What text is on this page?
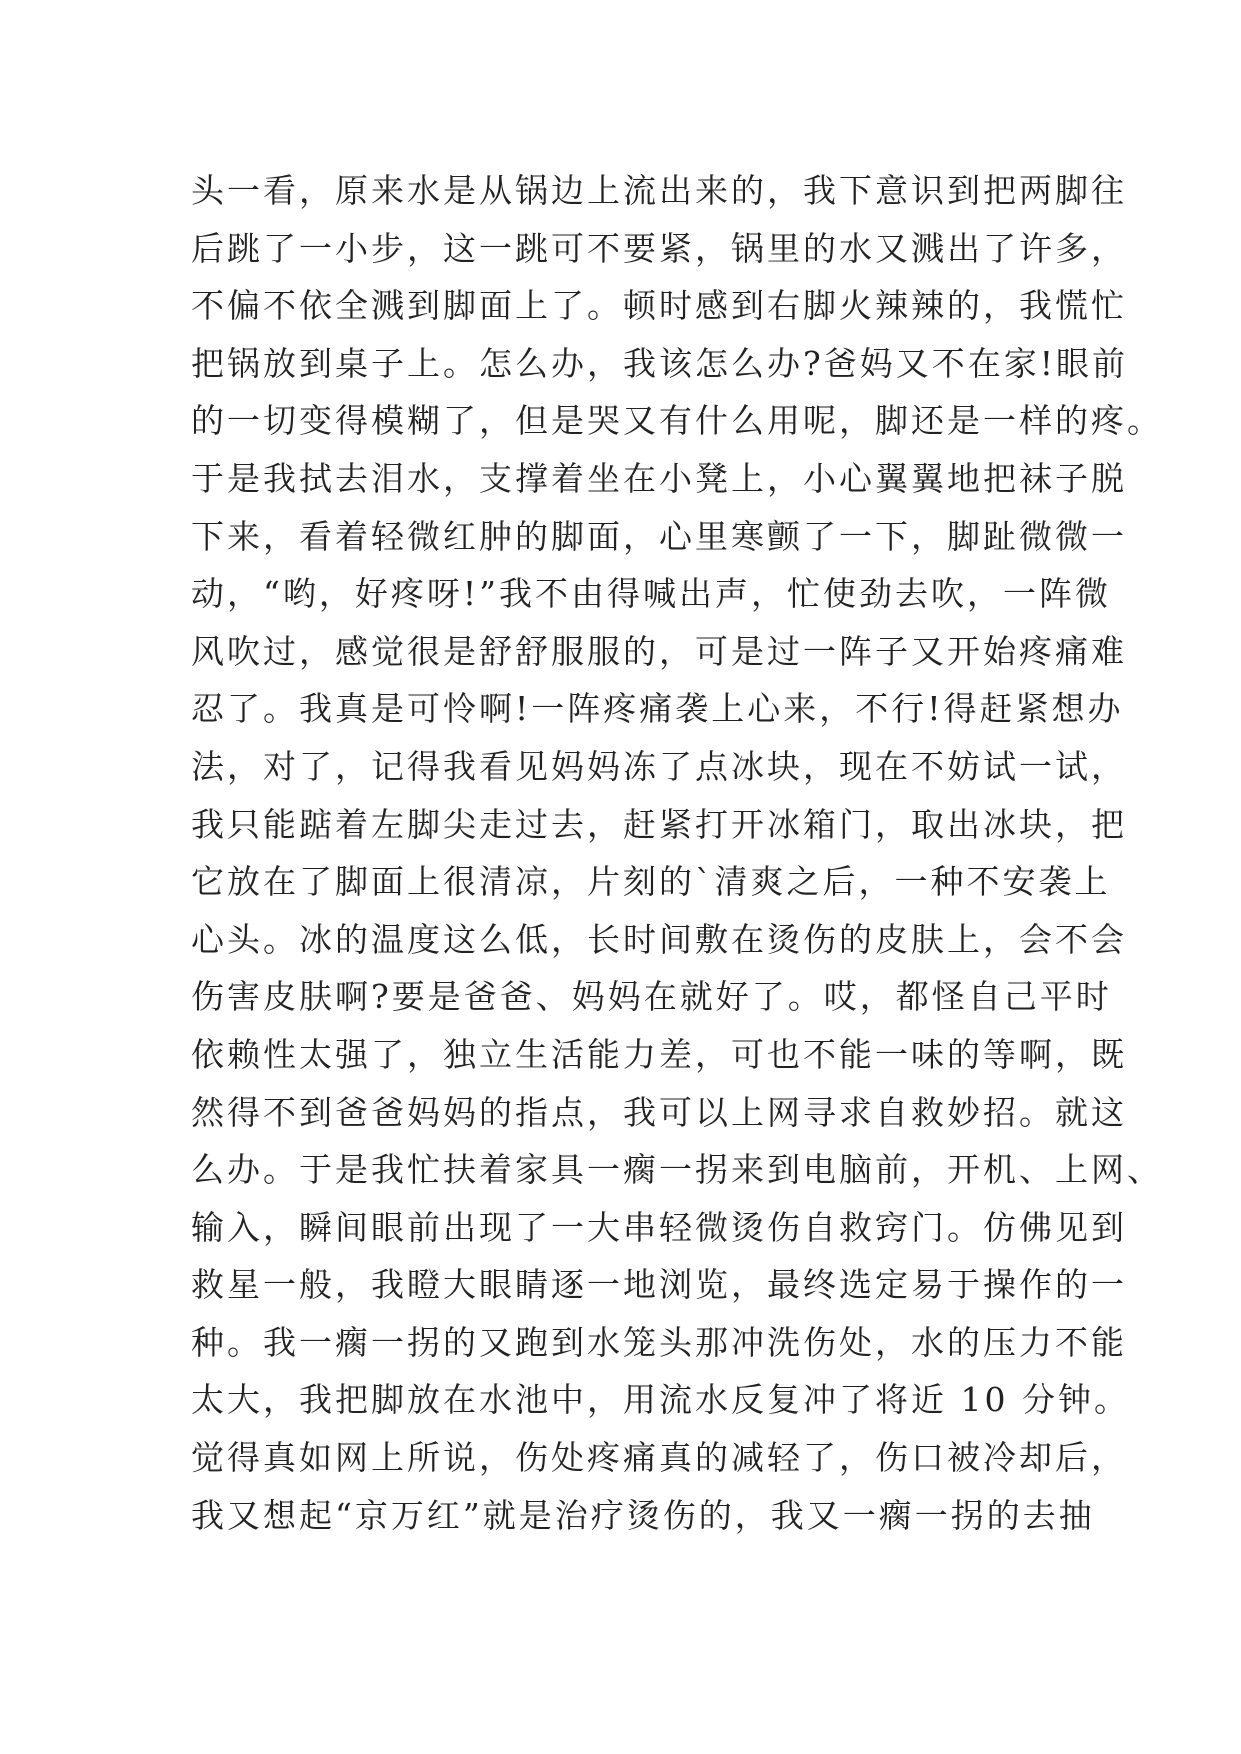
头一看，原来水是从锅边上流出来的，我下意识到把两脚往
后跳了一小步，这一跳可不要紧，锅里的水又溅出了许多，
不偏不依全溅到脚面上了。顿时感到右脚火辣辣的，我慌忙
把锅放到桌子上。怎么办，我该怎么办?爸妈又不在家!眼前
的一切变得模糊了，但是哭又有什么用呢，脚还是一样的疼。
于是我拭去泪水，支撑着坐在小凳上，小心翼翼地把袜子脱
下来，看着轻微红肿的脚面，心里寒颤了一下，脚趾微微一
动，“哟，好疼呀!”我不由得喊出声，忙使劲去吹，一阵微
风吹过，感觉很是舒舒服服的，可是过一阵子又开始疼痛难
忍了。我真是可怜啊!一阵疼痛袭上心来，不行!得赶紧想办
法，对了，记得我看见妈妈冻了点冰块，现在不妨试一试，
我只能踮着左脚尖走过去，赶紧打开冰箱门，取出冰块，把
它放在了脚面上很清凉，片刻的`清爽之后，一种不安袭上
心头。冰的温度这么低，长时间敷在烫伤的皮肤上，会不会
伤害皮肤啊?要是爸爸、妈妈在就好了。哎，都怪自己平时
依赖性太强了，独立生活能力差，可也不能一味的等啊，既
然得不到爸爸妈妈的指点，我可以上网寻求自救妙招。就这
么办。于是我忙扶着家具一瘸一拐来到电脑前，开机、上网、
输入，瞬间眼前出现了一大串轻微烫伤自救窍门。仿佛见到
救星一般，我瞪大眼睛逐一地浏览，最终选定易于操作的一
种。我一瘸一拐的又跑到水笼头那冲洗伤处，水的压力不能
太大，我把脚放在水池中，用流水反复冲了将近 10 分钟。
觉得真如网上所说，伤处疼痛真的减轻了，伤口被冷却后，
我又想起“京万红”就是治疗烫伤的，我又一瘸一拐的去抽
